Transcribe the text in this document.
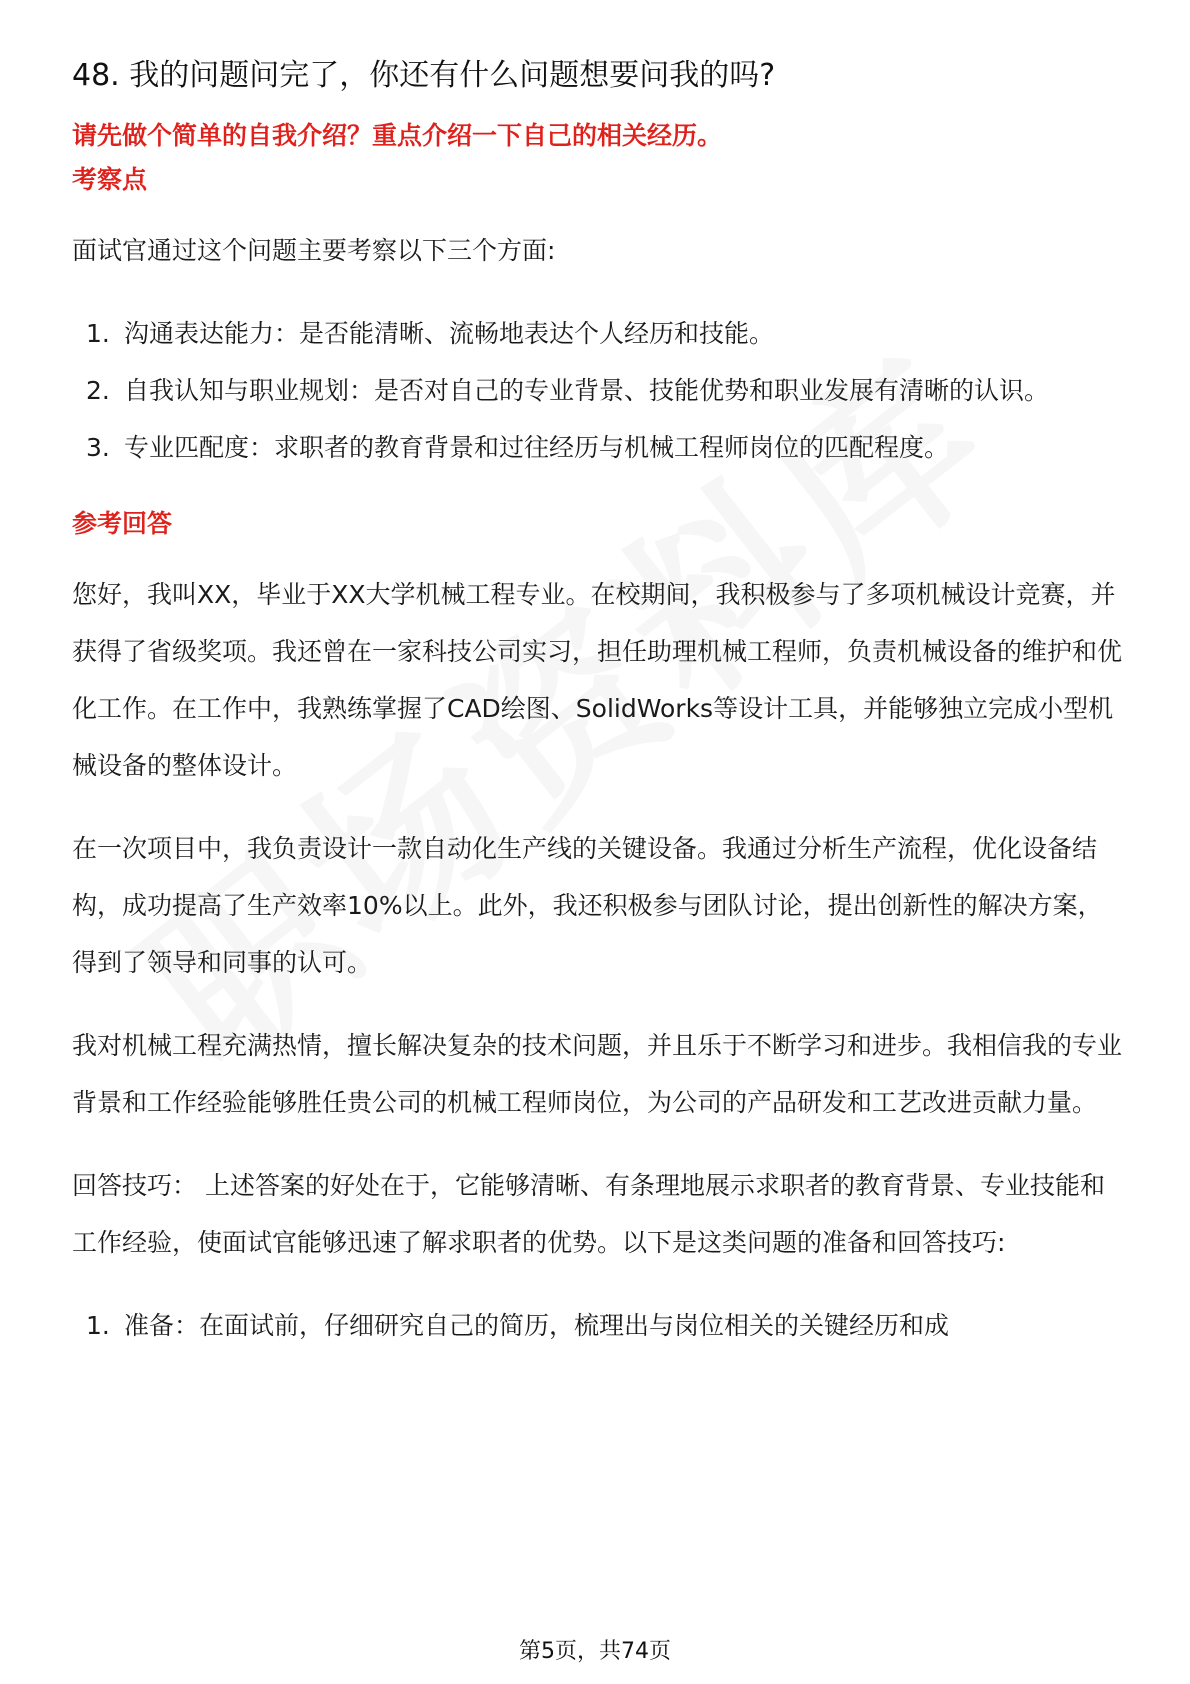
48. 我的问题问完了，你还有什么问题想要问我的吗?

请先做个简单的自我介绍？重点介绍一下自己的相关经历。

考察点

面试官通过这个问题主要考察以下三个方面:

1. 沟通表达能力：是否能清晰、流畅地表达个人经历和技能。
2. 自我认知与职业规划：是否对自己的专业背景、技能优势和职业发展有清晰的认识。
3. 专业匹配度：求职者的教育背景和过往经历与机械工程师岗位的匹配程度。

参考回答

您好，我叫XX，毕业于XX大学机械工程专业。在校期间，我积极参与了多项机械设计竞赛，并获得了省级奖项。我还曾在一家科技公司实习，担任助理机械工程师，负责机械设备的维护和优化工作。在工作中，我熟练掌握了CAD绘图、SolidWorks等设计工具，并能够独立完成小型机械设备的整体设计。

在一次项目中，我负责设计一款自动化生产线的关键设备。我通过分析生产流程，优化设备结构，成功提高了生产效率10%以上。此外，我还积极参与团队讨论，提出创新性的解决方案，得到了领导和同事的认可。

我对机械工程充满热情，擅长解决复杂的技术问题，并且乐于不断学习和进步。我相信我的专业背景和工作经验能够胜任贵公司的机械工程师岗位，为公司的产品研发和工艺改进贡献力量。

回答技巧： 上述答案的好处在于，它能够清晰、有条理地展示求职者的教育背景、专业技能和工作经验，使面试官能够迅速了解求职者的优势。以下是这类问题的准备和回答技巧:

1. 准备：在面试前，仔细研究自己的简历，梳理出与岗位相关的关键经历和成
第5页，共74页
